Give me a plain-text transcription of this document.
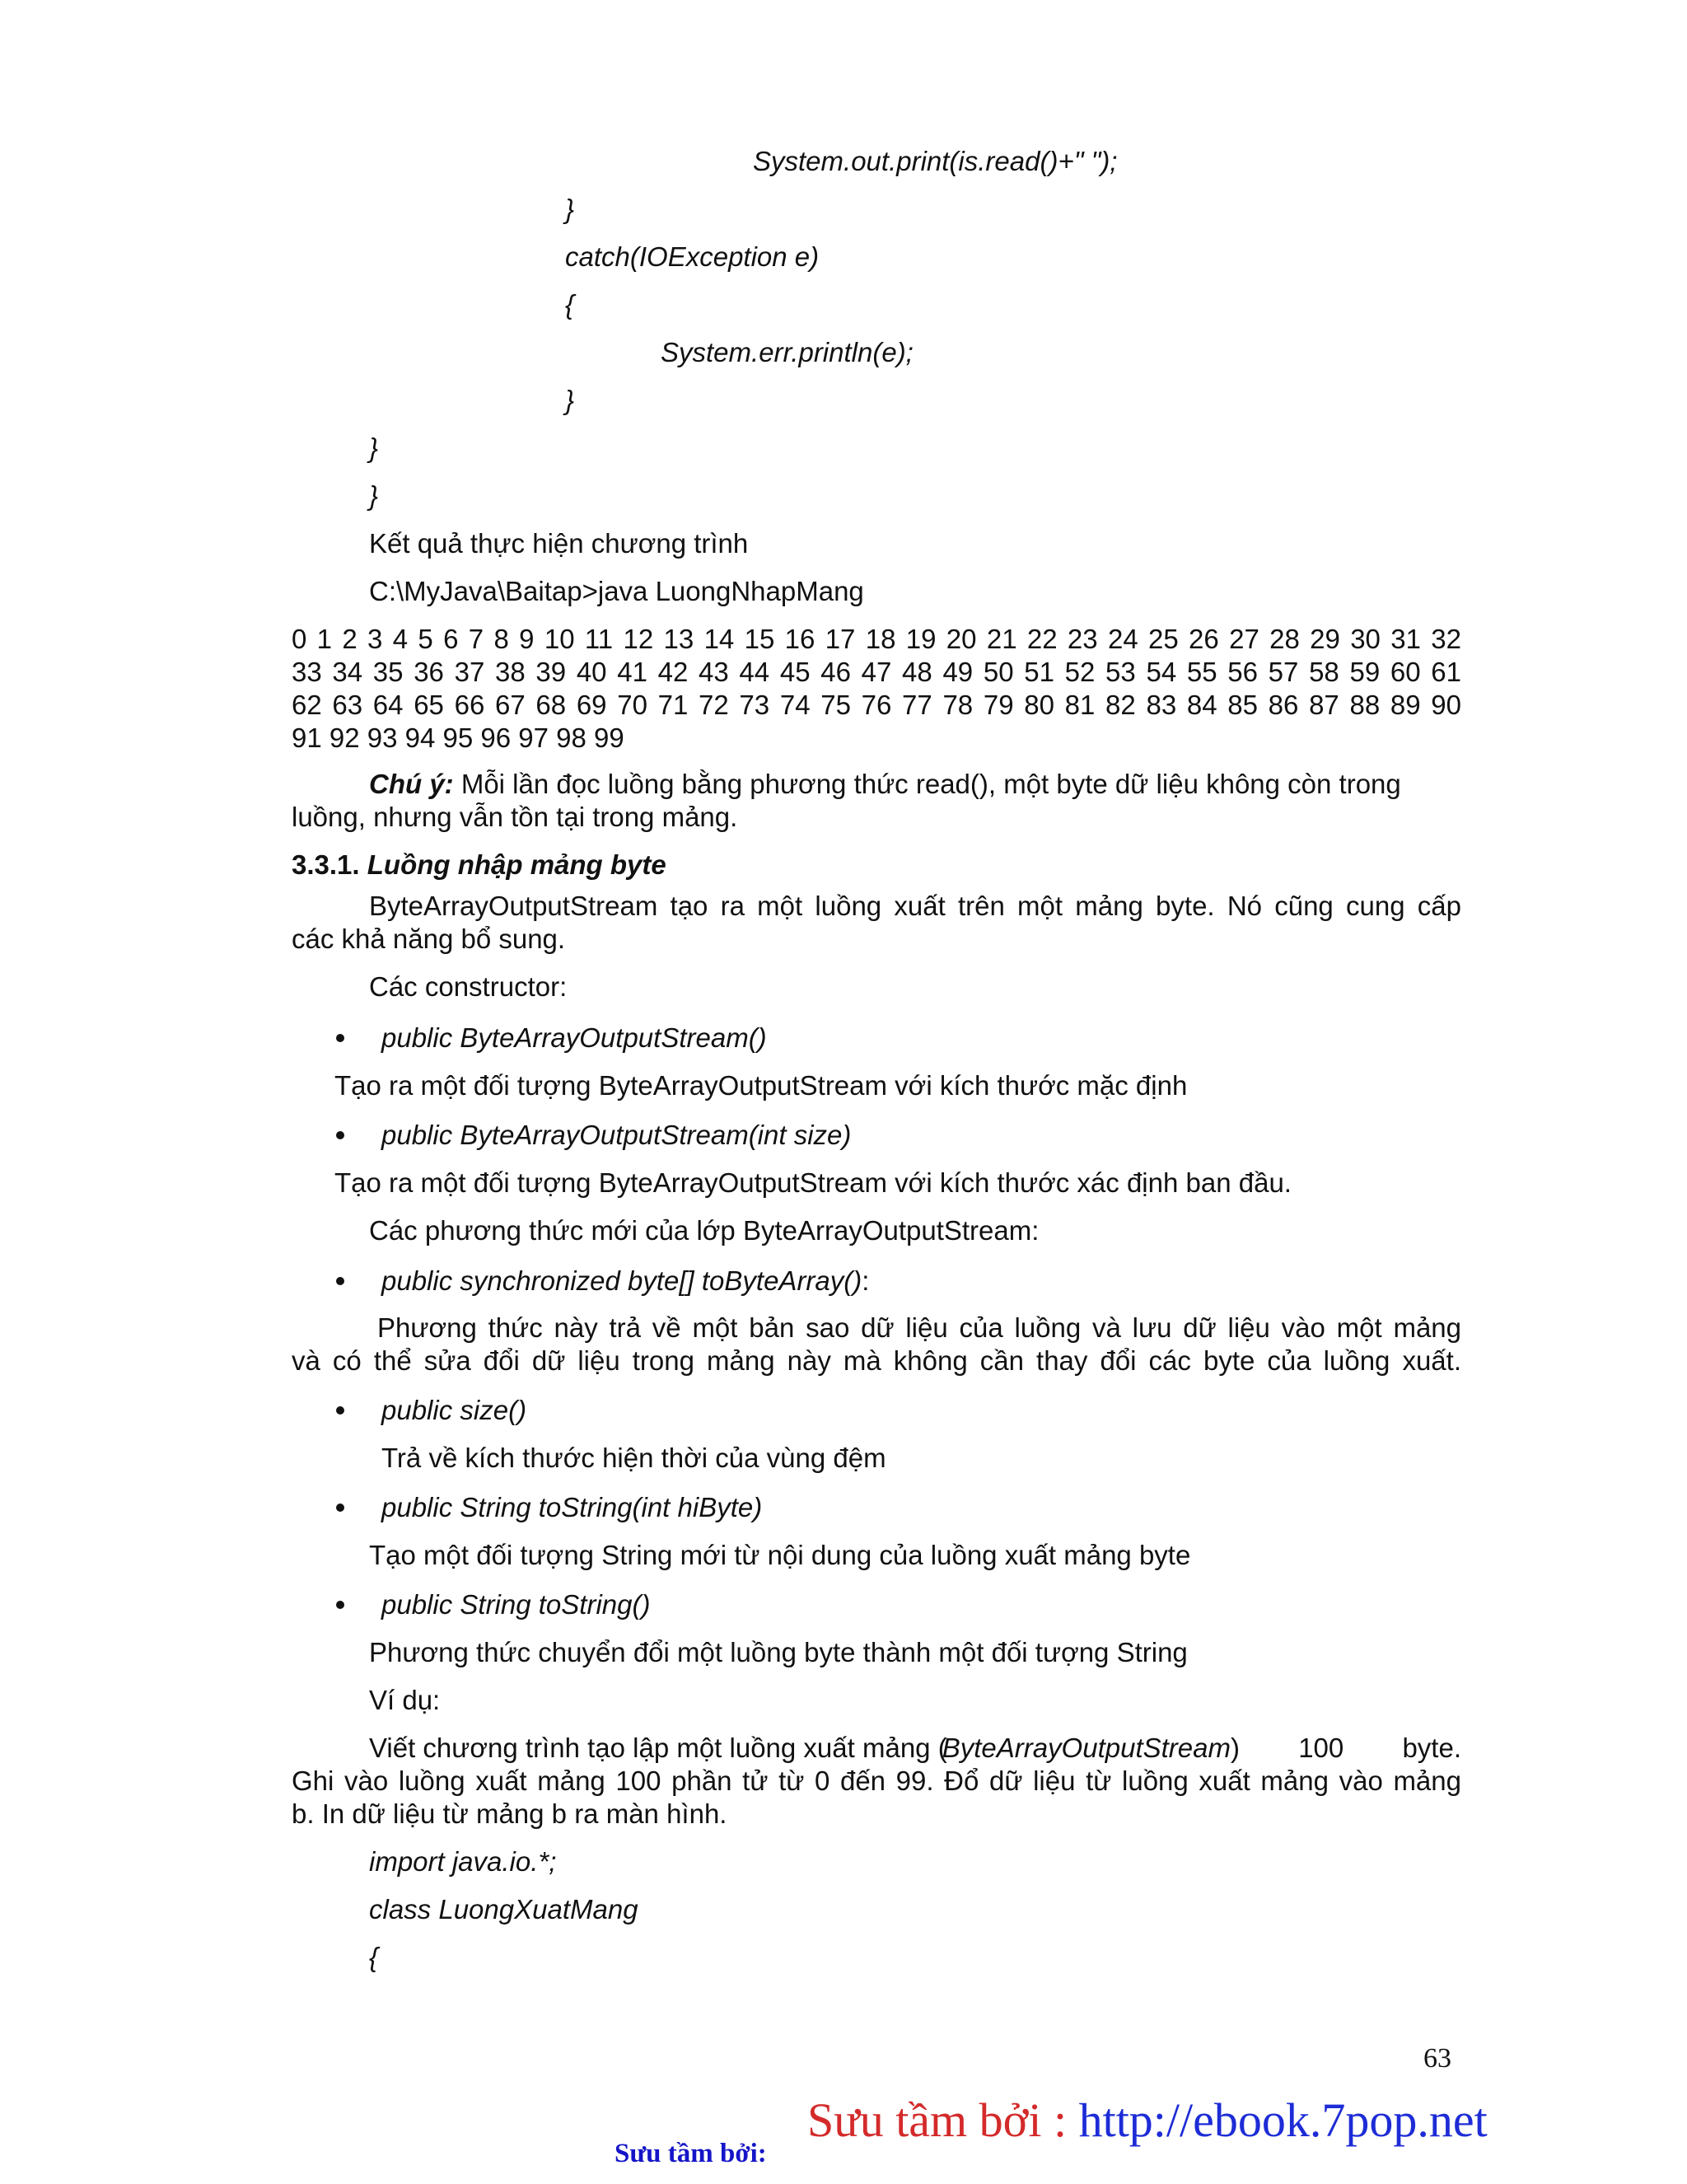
System.out.print(is.read()+" ");
}
catch(IOException e)
{
System.err.println(e);
}
}
}
Kết quả thực hiện chương trình
C:\MyJava\Baitap>java LuongNhapMang
0 1 2 3 4 5 6 7 8 9 10 11 12 13 14 15 16 17 18 19 20 21 22 23 24 25 26 27 28 29 30 31 32
33 34 35 36 37 38 39 40 41 42 43 44 45 46 47 48 49 50 51 52 53 54 55 56 57 58 59 60 61
62 63 64 65 66 67 68 69 70 71 72 73 74 75 76 77 78 79 80 81 82 83 84 85 86 87 88 89 90
91 92 93 94 95 96 97 98 99
Chú ý: Mỗi lần đọc luồng bằng phương thức read(), một byte dữ liệu không còn trong
luồng, nhưng vẫn tồn tại trong mảng.
3.3.1. Luồng nhập mảng byte
ByteArrayOutputStream tạo ra một luồng xuất trên một mảng byte. Nó cũng cung cấp
các khả năng bổ sung.
Các constructor:
public ByteArrayOutputStream()
Tạo ra một đối tượng ByteArrayOutputStream với kích thước mặc định
public ByteArrayOutputStream(int size)
Tạo ra một đối tượng ByteArrayOutputStream với kích thước xác định ban đầu.
Các phương thức mới của lớp ByteArrayOutputStream:
public synchronized byte[] toByteArray():
Phương thức này trả về một bản sao dữ liệu của luồng và lưu dữ liệu vào một mảng
và có thể sửa đổi dữ liệu trong mảng này mà không cần thay đổi các byte của luồng xuất.
public size()
Trả về kích thước hiện thời của vùng đệm
public String toString(int hiByte)
Tạo một đối tượng String mới từ nội dung của luồng xuất mảng byte
public String toString()
Phương thức chuyển đổi một luồng byte thành một đối tượng String
Ví dụ:
Viết chương trình tạo lập một luồng xuất mảng (
ByteArrayOutputStream ) 100 byte.
Ghi vào luồng xuất mảng 100 phần tử từ 0 đến 99. Đổ dữ liệu từ luồng xuất mảng vào mảng
b. In dữ liệu từ mảng b ra màn hình.
import java.io.*;
class LuongXuatMang
{
63
Sưu tầm bởi : http://ebook.7pop.net
Sưu tầm bởi:
